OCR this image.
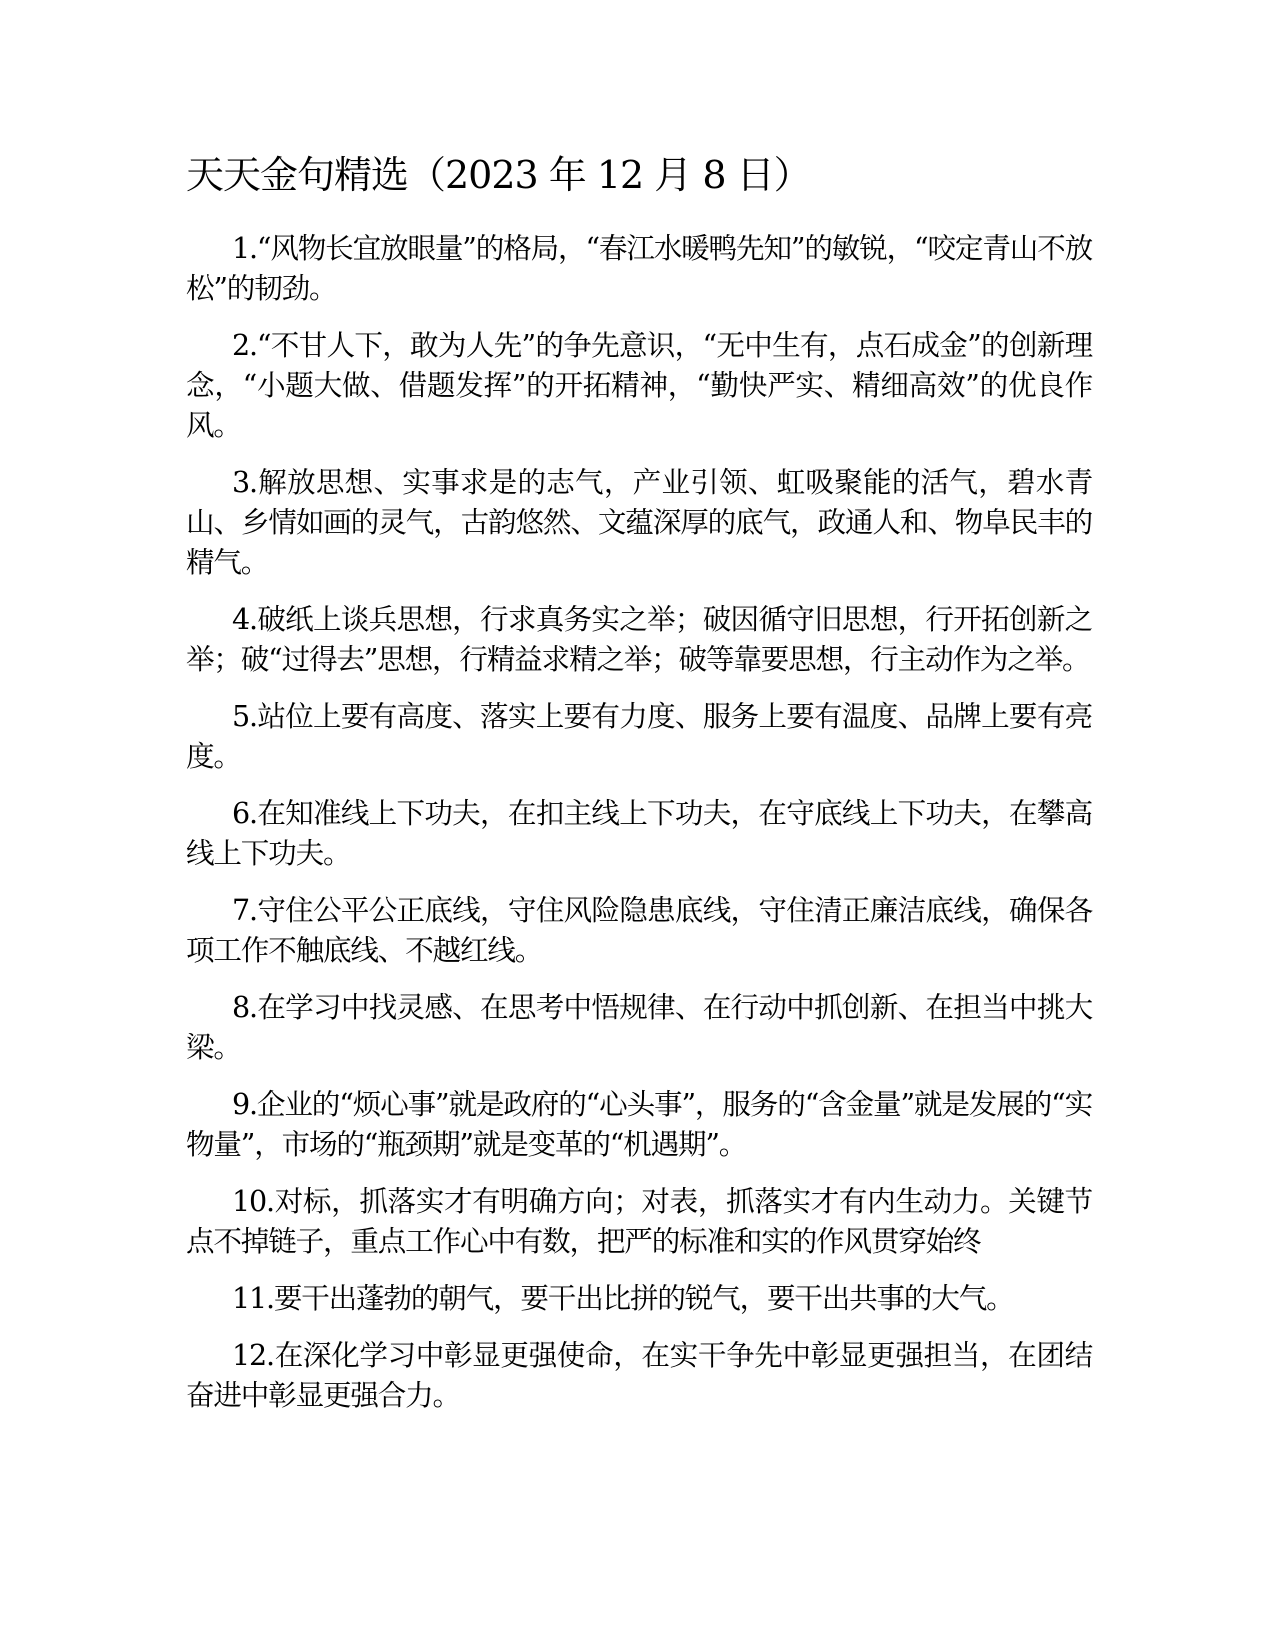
天天金句精选（2023 年 12 月 8 日）
1.“风物长宜放眼量”的格局，“春江水暖鸭先知”的敏锐，“咬定青山不放松”的韧劲。
2.“不甘人下，敢为人先”的争先意识，“无中生有，点石成金”的创新理念，“小题大做、借题发挥”的开拓精神，“勤快严实、精细高效”的优良作风。
3.解放思想、实事求是的志气，产业引领、虹吸聚能的活气，碧水青山、乡情如画的灵气，古韵悠然、文蕴深厚的底气，政通人和、物阜民丰的精气。
4.破纸上谈兵思想，行求真务实之举；破因循守旧思想，行开拓创新之举；破“过得去”思想，行精益求精之举；破等靠要思想，行主动作为之举。
5.站位上要有高度、落实上要有力度、服务上要有温度、品牌上要有亮度。
6.在知准线上下功夫，在扣主线上下功夫，在守底线上下功夫，在攀高线上下功夫。
7.守住公平公正底线，守住风险隐患底线，守住清正廉洁底线，确保各项工作不触底线、不越红线。
8.在学习中找灵感、在思考中悟规律、在行动中抓创新、在担当中挑大梁。
9.企业的“烦心事”就是政府的“心头事”，服务的“含金量”就是发展的“实物量”，市场的“瓶颈期”就是变革的“机遇期”。
10.对标，抓落实才有明确方向；对表，抓落实才有内生动力。关键节点不掉链子，重点工作心中有数，把严的标准和实的作风贯穿始终
11.要干出蓬勃的朝气，要干出比拼的锐气，要干出共事的大气。
12.在深化学习中彰显更强使命，在实干争先中彰显更强担当，在团结奋进中彰显更强合力。
